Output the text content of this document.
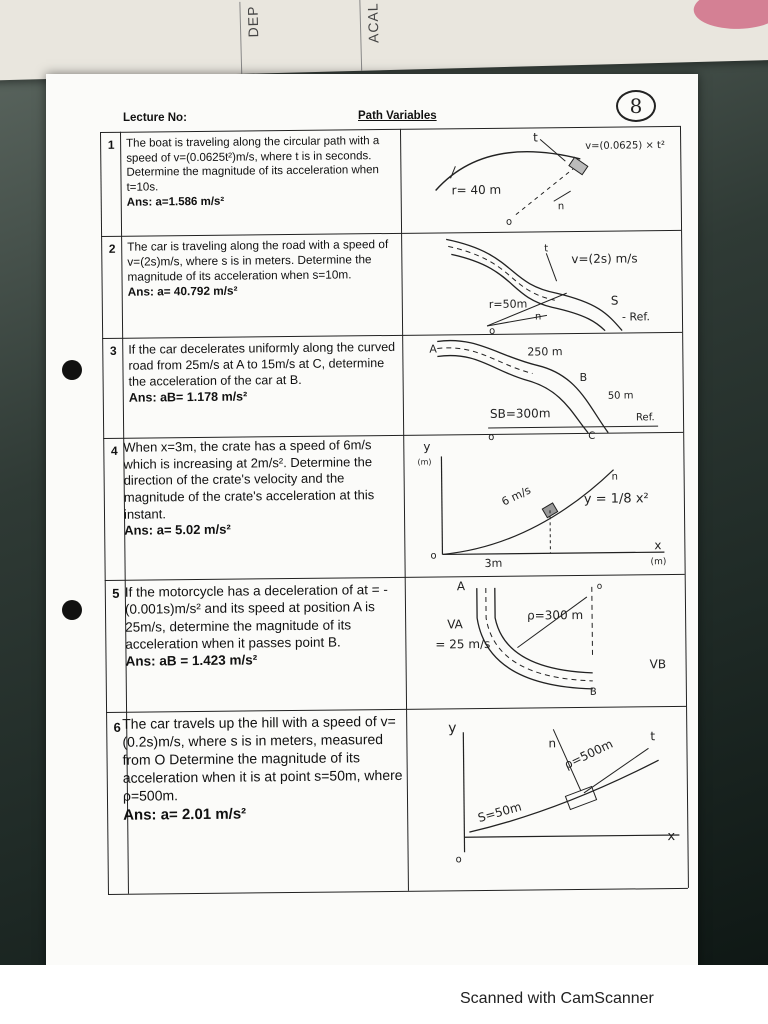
DEP	ACAL
Lecture No:	Path Variables	8
1	The boat is traveling along the circular path with a speed of v=(0.0625t²)m/s, where t is in seconds. Determine the magnitude of its acceleration when t=10s.
Ans: a=1.586 m/s²
t
v=(0.0625) × t²
r= 40 m
n
o
2 The car is traveling along the road with a speed of v=(2s)m/s, where s is in meters. Determine the magnitude of its acceleration when s=10m.
Ans: a= 40.792 m/s²
t
v=(2s) m/s
r=50m
n
S
- Ref.
o
3 If the car decelerates uniformly along the curved road from 25m/s at A to 15m/s at C, determine the acceleration of the car at B.
Ans: aB= 1.178 m/s²
A	250 m
B
50 m
SB=300m	Ref.
C
o
4 When x=3m, the crate has a speed of 6m/s which is increasing at 2m/s². Determine the direction of the crate's velocity and the magnitude of the crate's acceleration at this instant.
Ans: a= 5.02 m/s²
y
(m)
6 m/s	y = 1/8 x²
n
x
(m)
3m
o
5 If the motorcycle has a deceleration of at = - (0.001s)m/s² and its speed at position A is 25m/s, determine the magnitude of its acceleration when it passes point B.
Ans: aB = 1.423 m/s²
A
VA
= 25 m/s
ρ=300 m
VB
B
o
6 The car travels up the hill with a speed of v=(0.2s)m/s, where s is in meters, measured from O Determine the magnitude of its acceleration when it is at point s=50m, where ρ=500m.
Ans: a= 2.01 m/s²
y
n ρ=500m
t
S=50m
x
o
Scanned with CamScanner
